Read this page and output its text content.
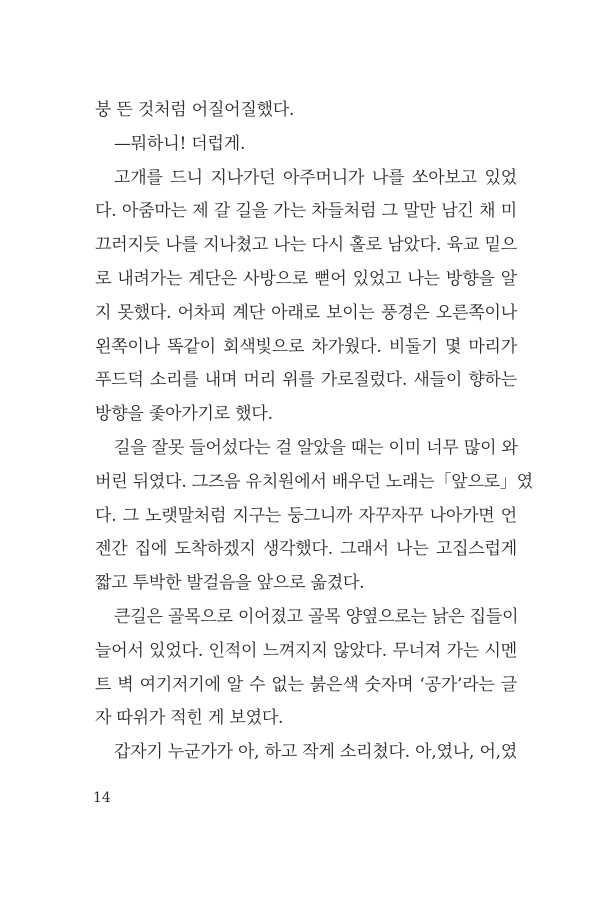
붕 뜬 것처럼 어질어질했다.
—뭐하니! 더럽게.
고개를 드니 지나가던 아주머니가 나를 쏘아보고 있었
다. 아줌마는 제 갈 길을 가는 차들처럼 그 말만 남긴 채 미
끄러지듯 나를 지나쳤고 나는 다시 홀로 남았다. 육교 밑으
로 내려가는 계단은 사방으로 뻗어 있었고 나는 방향을 알
지 못했다. 어차피 계단 아래로 보이는 풍경은 오른쪽이나
왼쪽이나 똑같이 회색빛으로 차가웠다. 비둘기 몇 마리가
푸드덕 소리를 내며 머리 위를 가로질렀다. 새들이 향하는
방향을 좇아가기로 했다.
길을 잘못 들어섰다는 걸 알았을 때는 이미 너무 많이 와
버린 뒤였다. 그즈음 유치원에서 배우던 노래는「앞으로」였
다. 그 노랫말처럼 지구는 둥그니까 자꾸자꾸 나아가면 언
젠간 집에 도착하겠지 생각했다. 그래서 나는 고집스럽게
짧고 투박한 발걸음을 앞으로 옮겼다.
큰길은 골목으로 이어졌고 골목 양옆으로는 낡은 집들이
늘어서 있었다. 인적이 느껴지지 않았다. 무너져 가는 시멘
트 벽 여기저기에 알 수 없는 붉은색 숫자며 ‘공가’라는 글
자 따위가 적힌 게 보였다.
갑자기 누군가가 아, 하고 작게 소리쳤다. 아,였나, 어,였
14
